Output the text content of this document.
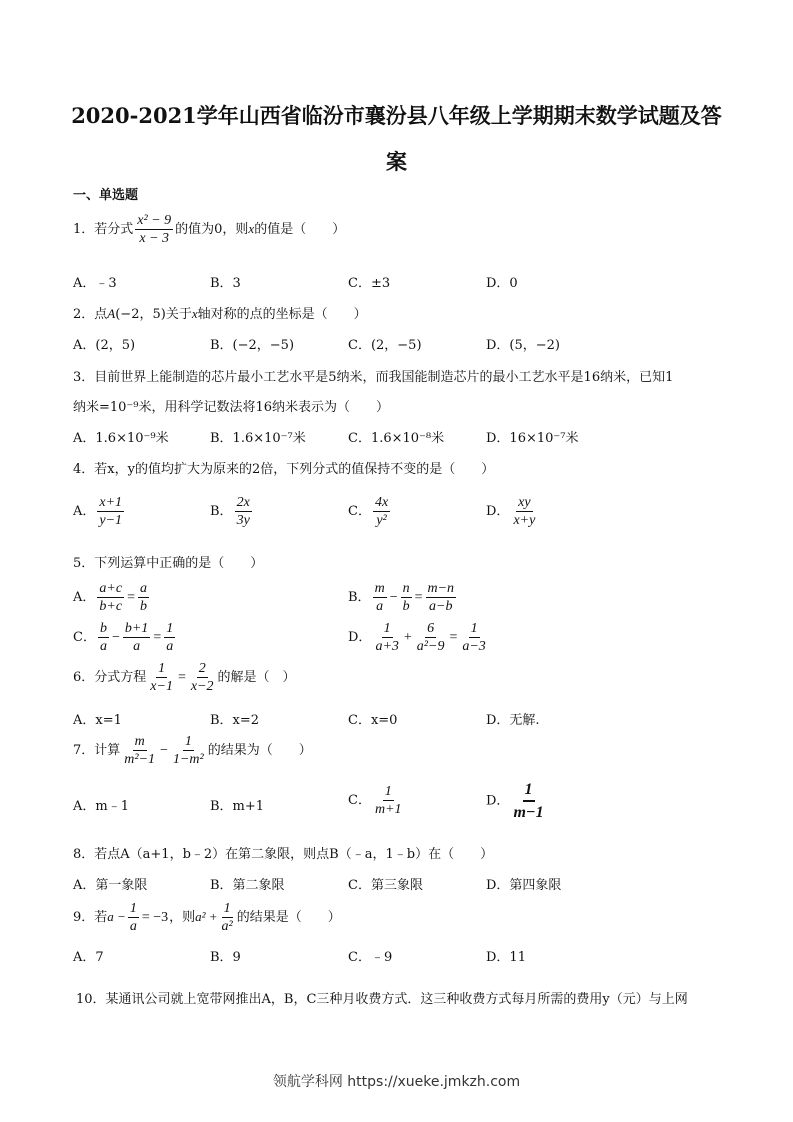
2020-2021学年山西省临汾市襄汾县八年级上学期期末数学试题及答
案
一、单选题
1．若分式 $\frac{\text{x² − 9}}{x - 3}$ 的值为0，则x的值是（　　）
A．﹣3	B．3	C．±3	D．0
2．点A(−2，5)关于x轴对称的点的坐标是（　　）
A．(2，5)	B．(−2，−5)	C．(2，−5)	D．(5，−2)
3．目前世界上能制造的芯片最小工艺水平是5纳米，而我国能制造芯片的最小工艺水平是16纳米，已知1
纳米=10⁻⁹米，用科学记数法将16纳米表示为（　　）
A．1.6×10⁻⁹米	B．1.6×10⁻⁷米	C．1.6×10⁻⁸米	D．16×10⁻⁷米
4．若x，y的值均扩大为原来的2倍，下列分式的值保持不变的是（　　）
A． $\frac{x+1}{y-1}$	B． $\frac{2x}{3y}$	C． $\frac{4x}{\text{y²}}$	D． $\frac{xy}{x+y}$
5．下列运算中正确的是（　　）
A． $\frac{a+c}{b+c} = \frac{a}{b}$	B． $\frac{m}{a} - \frac{n}{b} = \frac{m-n}{a-b}$
C． $\frac{b}{a} - \frac{b+1}{a} = \frac{1}{a}$	D． $\frac{1}{a+3} + \frac{6}{\text{a²−9}} = \frac{1}{a-3}$
6．分式方程 $\frac{1}{x-1} = \frac{2}{x-2}$ 的解是（　）
A．x=1	B．x=2	C．x=0	D．无解.
7．计算 $\frac{m}{\text{m²−1}} - \frac{1}{\text{1−m²}}$ 的结果为（　　）
A．m﹣1	B．m+1	C． $\frac{1}{m+1}$	D． $\frac{1}{m-1}$
8．若点A（a+1，b﹣2）在第二象限，则点B（﹣a，1﹣b）在（　　）
A．第一象限	B．第二象限	C．第三象限	D．第四象限
9．若$a - \frac{1}{a} = -3$，则$a^2 + \frac{1}{\text{a²}}$ 的结果是（　　）
A．7	B．9	C．﹣9	D．11
10．某通讯公司就上宽带网推出A，B，C三种月收费方式．这三种收费方式每月所需的费用y（元）与上网
领航学科网 https://xueke.jmkzh.com
